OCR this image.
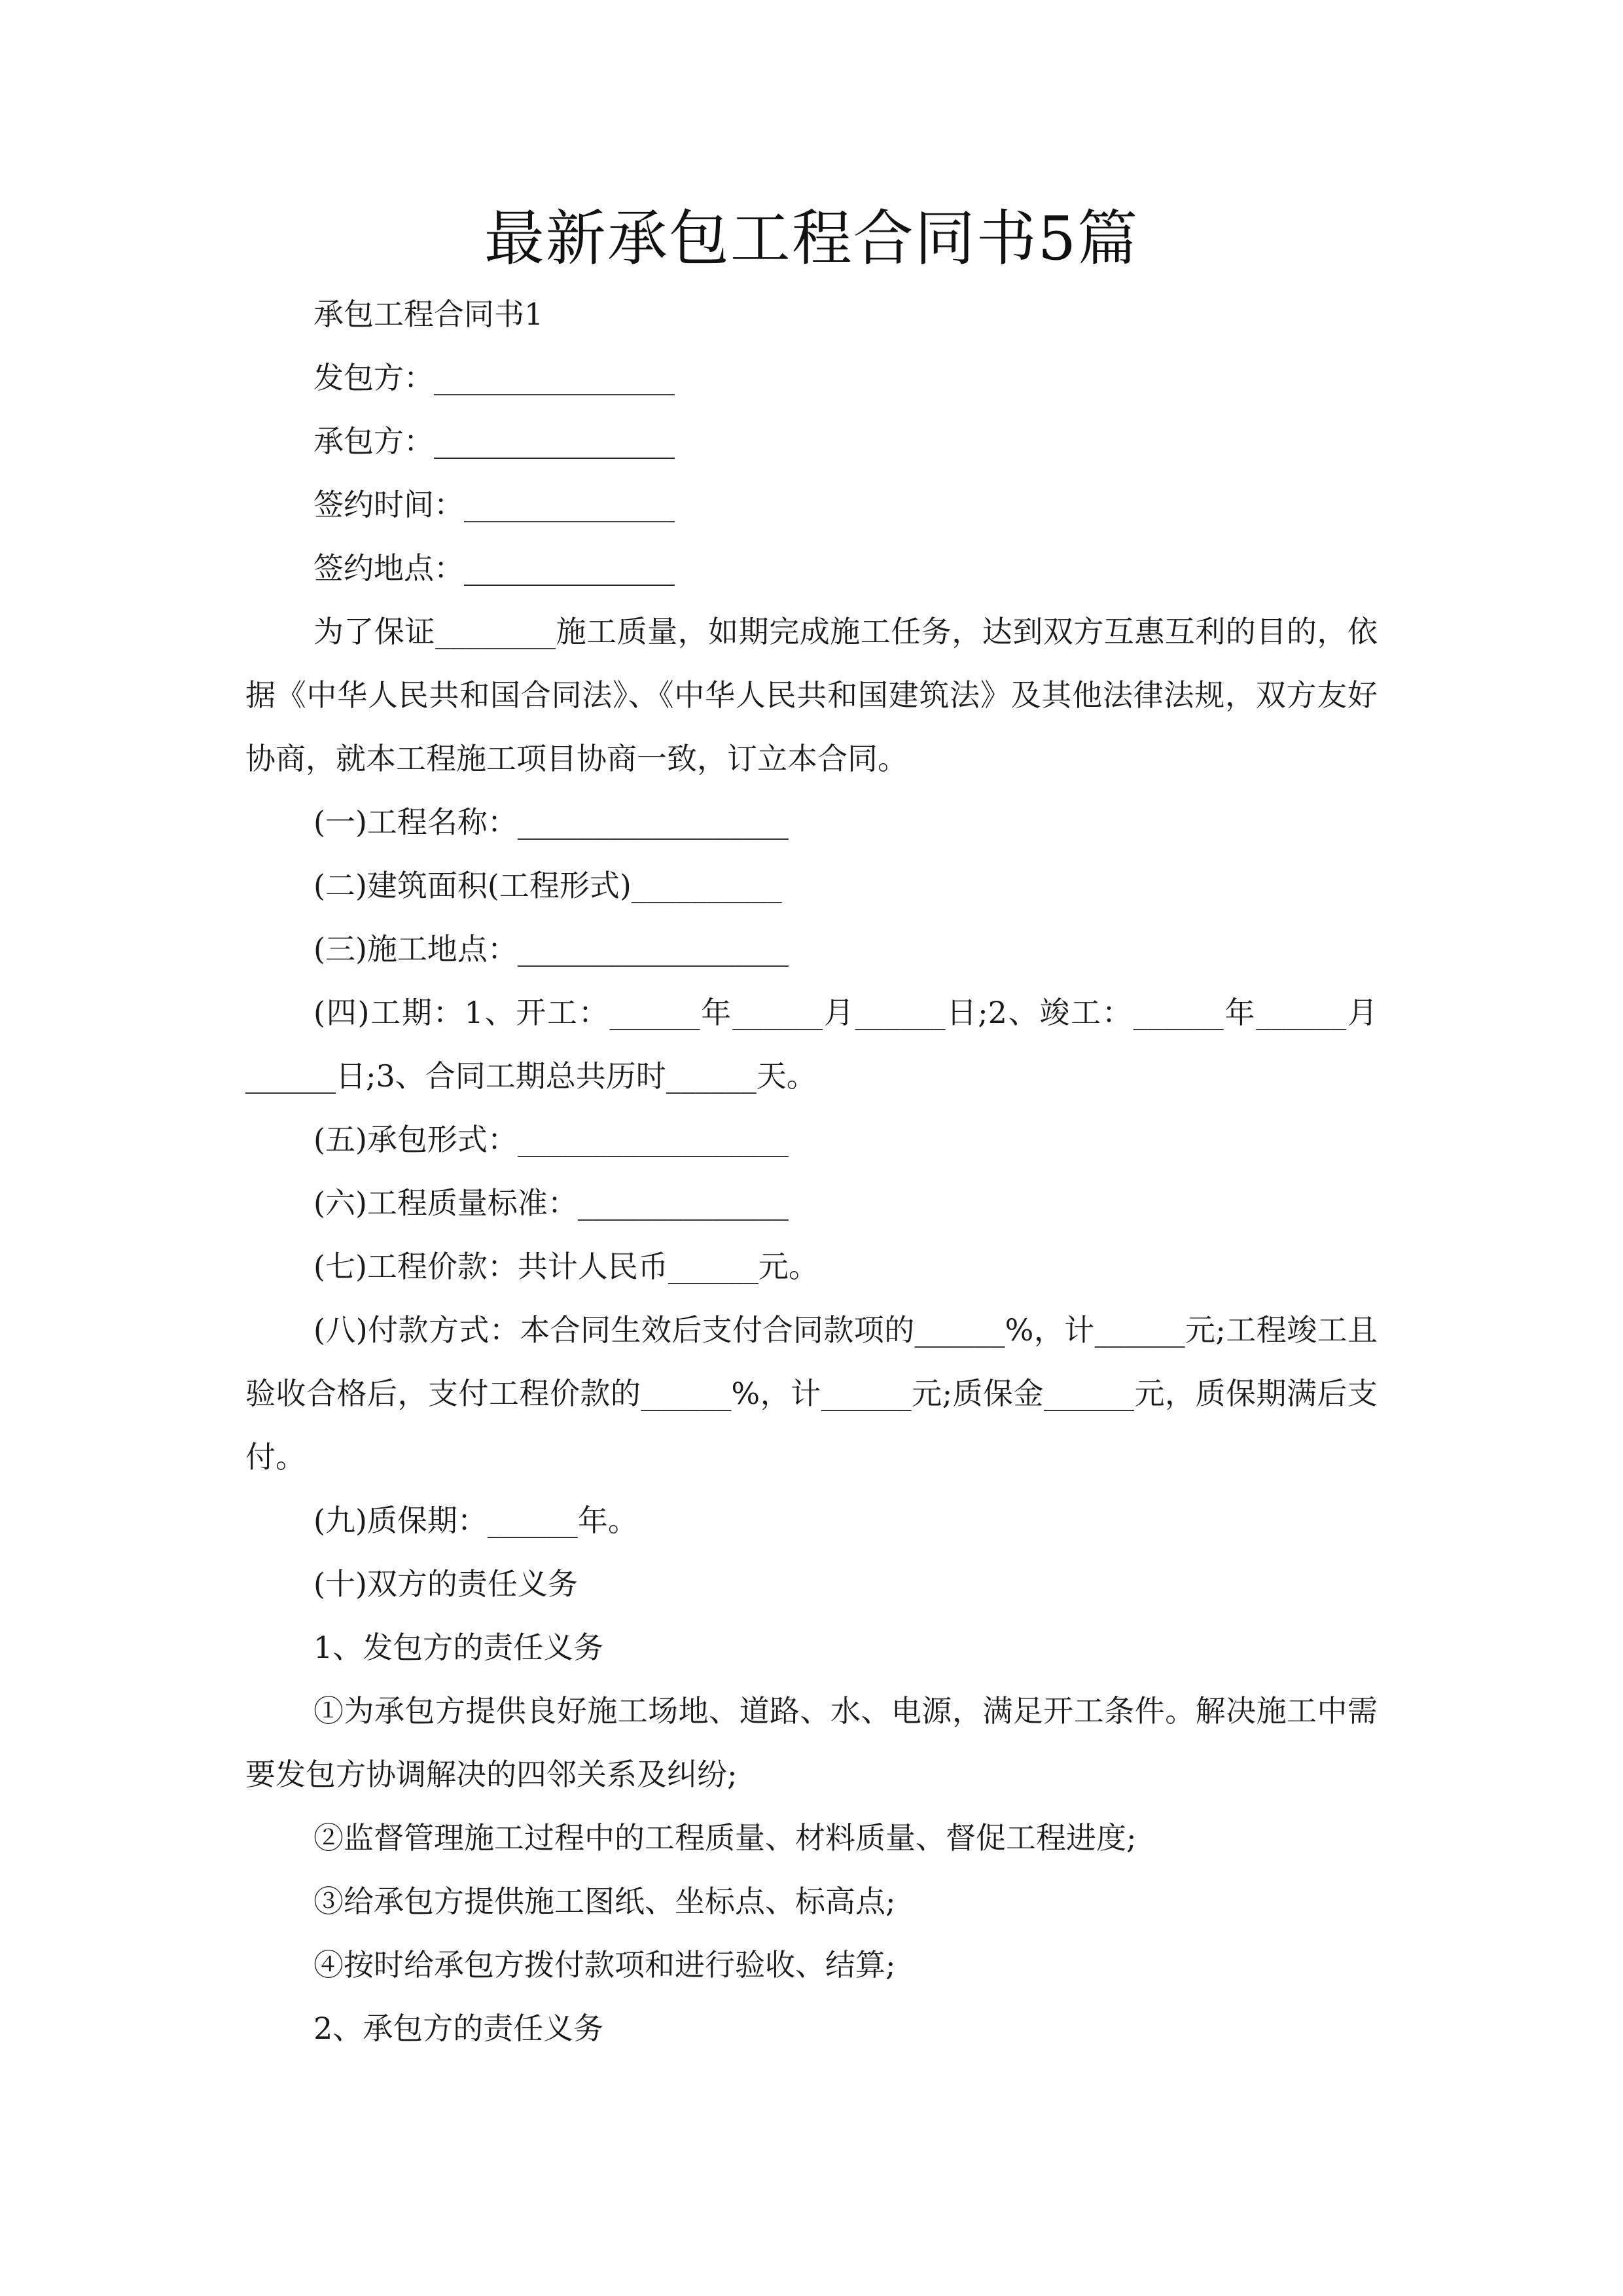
最新承包工程合同书5篇

承包工程合同书1

发包方：________________

承包方：________________

签约时间：______________

签约地点：______________

为了保证________施工质量，如期完成施工任务，达到双方互惠互利的目的，依据《中华人民共和国合同法》、《中华人民共和国建筑法》及其他法律法规，双方友好协商，就本工程施工项目协商一致，订立本合同。

(一)工程名称：__________________

(二)建筑面积(工程形式)__________

(三)施工地点：__________________

(四)工期：1、开工：______年______月______日;2、竣工：______年______月______日;3、合同工期总共历时______天。

(五)承包形式：__________________

(六)工程质量标准：______________

(七)工程价款：共计人民币______元。

(八)付款方式：本合同生效后支付合同款项的______%，计______元;工程竣工且验收合格后，支付工程价款的______%，计______元;质保金______元，质保期满后支付。

(九)质保期：______年。

(十)双方的责任义务

1、发包方的责任义务

①为承包方提供良好施工场地、道路、水、电源，满足开工条件。解决施工中需要发包方协调解决的四邻关系及纠纷;

②监督管理施工过程中的工程质量、材料质量、督促工程进度;

③给承包方提供施工图纸、坐标点、标高点;

④按时给承包方拨付款项和进行验收、结算;

2、承包方的责任义务
